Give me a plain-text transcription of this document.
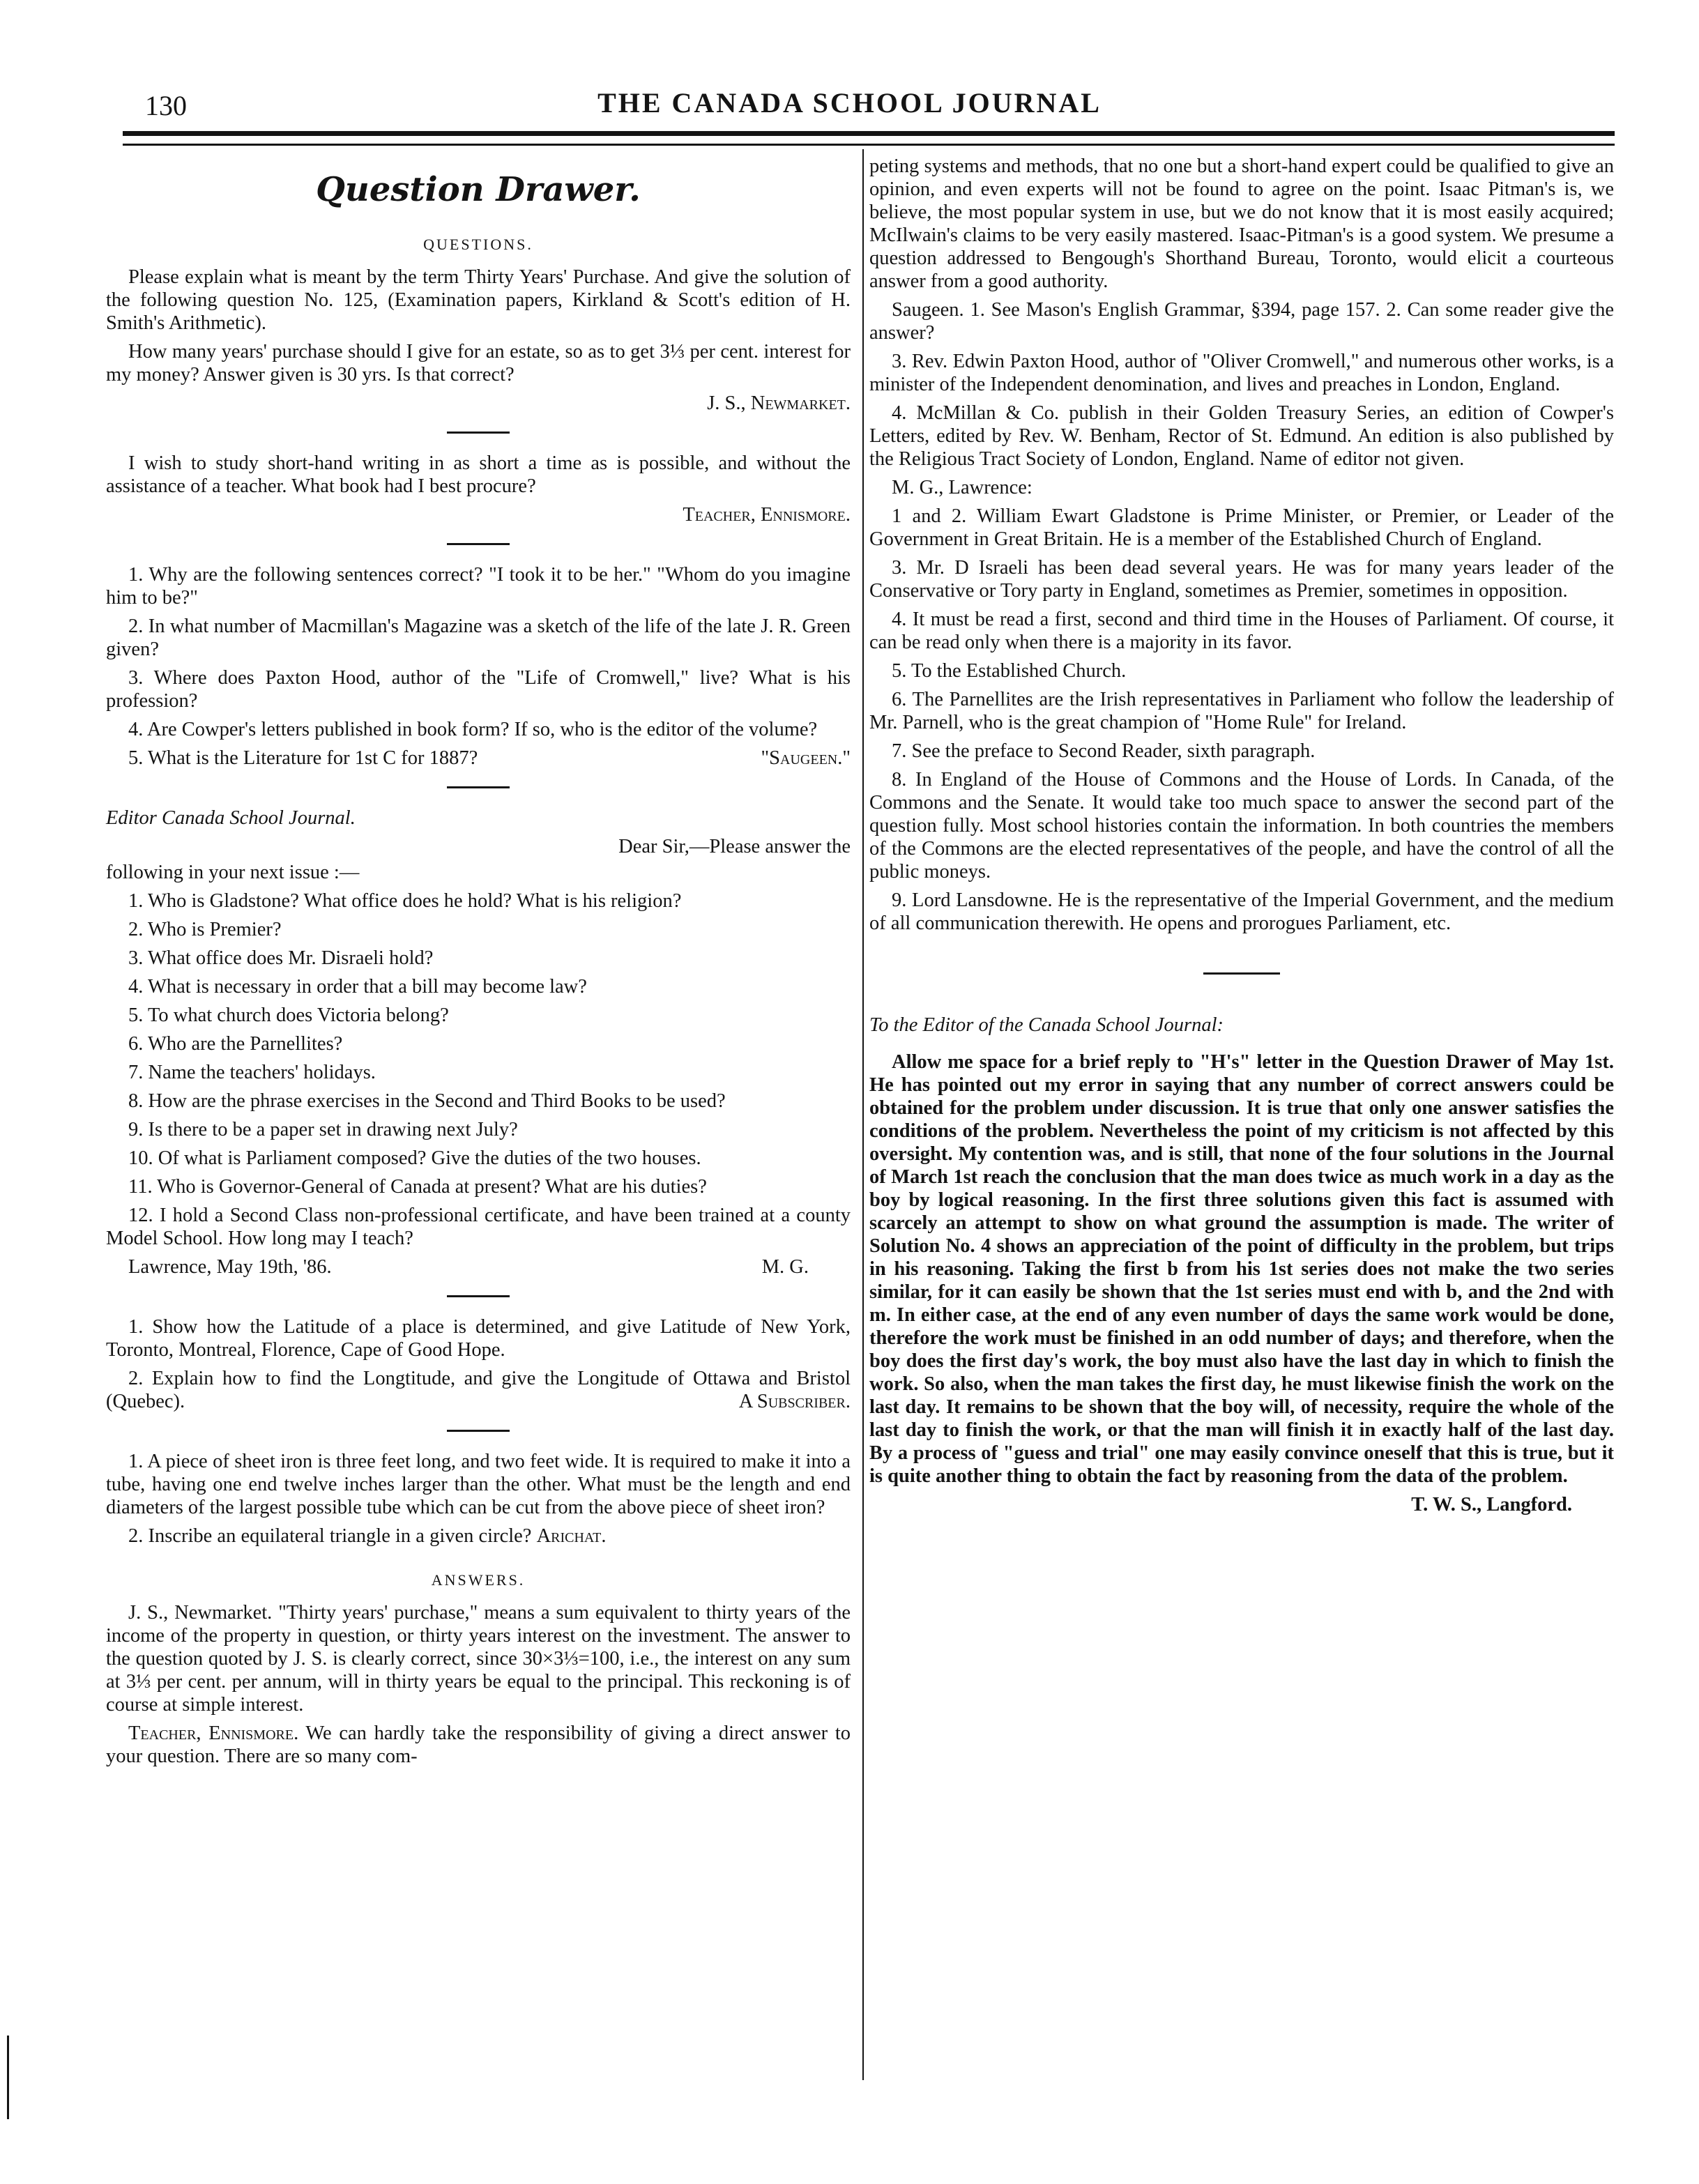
130	THE CANADA SCHOOL JOURNAL
Question Drawer.
QUESTIONS.

Please explain what is meant by the term Thirty Years' Purchase. And give the solution of the following question No. 125, (Examination papers, Kirkland & Scott's edition of H. Smith's Arithmetic).

How many years' purchase should I give for an estate, so as to get 3⅓ per cent. interest for my money? Answer given is 30 yrs. Is that correct?

J. S., Newmarket.

I wish to study short-hand writing in as short a time as is possible, and without the assistance of a teacher. What book had I best procure?

Teacher, Ennismore.

1. Why are the following sentences correct? "I took it to be her." "Whom do you imagine him to be?"

2. In what number of Macmillan's Magazine was a sketch of the life of the late J. R. Green given?

3. Where does Paxton Hood, author of the "Life of Cromwell," live? What is his profession?

4. Are Cowper's letters published in book form? If so, who is the editor of the volume?

5. What is the Literature for 1st C for 1887?	"Saugeen."

Editor Canada School Journal.

Dear Sir,—Please answer the

following in your next issue :—

1. Who is Gladstone? What office does he hold? What is his religion?

2. Who is Premier?

3. What office does Mr. Disraeli hold?

4. What is necessary in order that a bill may become law?

5. To what church does Victoria belong?

6. Who are the Parnellites?

7. Name the teachers' holidays.

8. How are the phrase exercises in the Second and Third Books to be used?

9. Is there to be a paper set in drawing next July?

10. Of what is Parliament composed? Give the duties of the two houses.

11. Who is Governor-General of Canada at present? What are his duties?

12. I hold a Second Class non-professional certificate, and have been trained at a county Model School. How long may I teach?

Lawrence, May 19th, '86.	M. G.

1. Show how the Latitude of a place is determined, and give Latitude of New York, Toronto, Montreal, Florence, Cape of Good Hope.

2. Explain how to find the Longtitude, and give the Longitude of Ottawa and Bristol (Quebec).	A Subscriber.

1. A piece of sheet iron is three feet long, and two feet wide. It is required to make it into a tube, having one end twelve inches larger than the other. What must be the length and end diameters of the largest possible tube which can be cut from the above piece of sheet iron?

2. Inscribe an equilateral triangle in a given circle? Arichat.

ANSWERS.

J. S., Newmarket. "Thirty years' purchase," means a sum equivalent to thirty years of the income of the property in question, or thirty years interest on the investment. The answer to the question quoted by J. S. is clearly correct, since 30×3⅓=100, i.e., the interest on any sum at 3⅓ per cent. per annum, will in thirty years be equal to the principal. This reckoning is of course at simple interest.

Teacher, Ennismore. We can hardly take the responsibility of giving a direct answer to your question. There are so many com-

peting systems and methods, that no one but a short-hand expert could be qualified to give an opinion, and even experts will not be found to agree on the point. Isaac Pitman's is, we believe, the most popular system in use, but we do not know that it is most easily acquired; McIlwain's claims to be very easily mastered. Isaac-Pitman's is a good system. We presume a question addressed to Bengough's Shorthand Bureau, Toronto, would elicit a courteous answer from a good authority.

Saugeen. 1. See Mason's English Grammar, §394, page 157. 2. Can some reader give the answer?

3. Rev. Edwin Paxton Hood, author of "Oliver Cromwell," and numerous other works, is a minister of the Independent denomination, and lives and preaches in London, England.

4. McMillan & Co. publish in their Golden Treasury Series, an edition of Cowper's Letters, edited by Rev. W. Benham, Rector of St. Edmund. An edition is also published by the Religious Tract Society of London, England. Name of editor not given.

M. G., Lawrence:

1 and 2. William Ewart Gladstone is Prime Minister, or Premier, or Leader of the Government in Great Britain. He is a member of the Established Church of England.

3. Mr. D Israeli has been dead several years. He was for many years leader of the Conservative or Tory party in England, sometimes as Premier, sometimes in opposition.

4. It must be read a first, second and third time in the Houses of Parliament. Of course, it can be read only when there is a majority in its favor.

5. To the Established Church.

6. The Parnellites are the Irish representatives in Parliament who follow the leadership of Mr. Parnell, who is the great champion of "Home Rule" for Ireland.

7. See the preface to Second Reader, sixth paragraph.

8. In England of the House of Commons and the House of Lords. In Canada, of the Commons and the Senate. It would take too much space to answer the second part of the question fully. Most school histories contain the information. In both countries the members of the Commons are the elected representatives of the people, and have the control of all the public moneys.

9. Lord Lansdowne. He is the representative of the Imperial Government, and the medium of all communication therewith. He opens and prorogues Parliament, etc.

To the Editor of the Canada School Journal:

Allow me space for a brief reply to "H's" letter in the Question Drawer of May 1st. He has pointed out my error in saying that any number of correct answers could be obtained for the problem under discussion. It is true that only one answer satisfies the conditions of the problem. Nevertheless the point of my criticism is not affected by this oversight. My contention was, and is still, that none of the four solutions in the Journal of March 1st reach the conclusion that the man does twice as much work in a day as the boy by logical reasoning. In the first three solutions given this fact is assumed with scarcely an attempt to show on what ground the assumption is made. The writer of Solution No. 4 shows an appreciation of the point of difficulty in the problem, but trips in his reasoning. Taking the first b from his 1st series does not make the two series similar, for it can easily be shown that the 1st series must end with b, and the 2nd with m. In either case, at the end of any even number of days the same work would be done, therefore the work must be finished in an odd number of days; and therefore, when the boy does the first day's work, the boy must also have the last day in which to finish the work. So also, when the man takes the first day, he must likewise finish the work on the last day. It remains to be shown that the boy will, of necessity, require the whole of the last day to finish the work, or that the man will finish it in exactly half of the last day. By a process of "guess and trial" one may easily convince oneself that this is true, but it is quite another thing to obtain the fact by reasoning from the data of the problem.

T. W. S., Langford.
